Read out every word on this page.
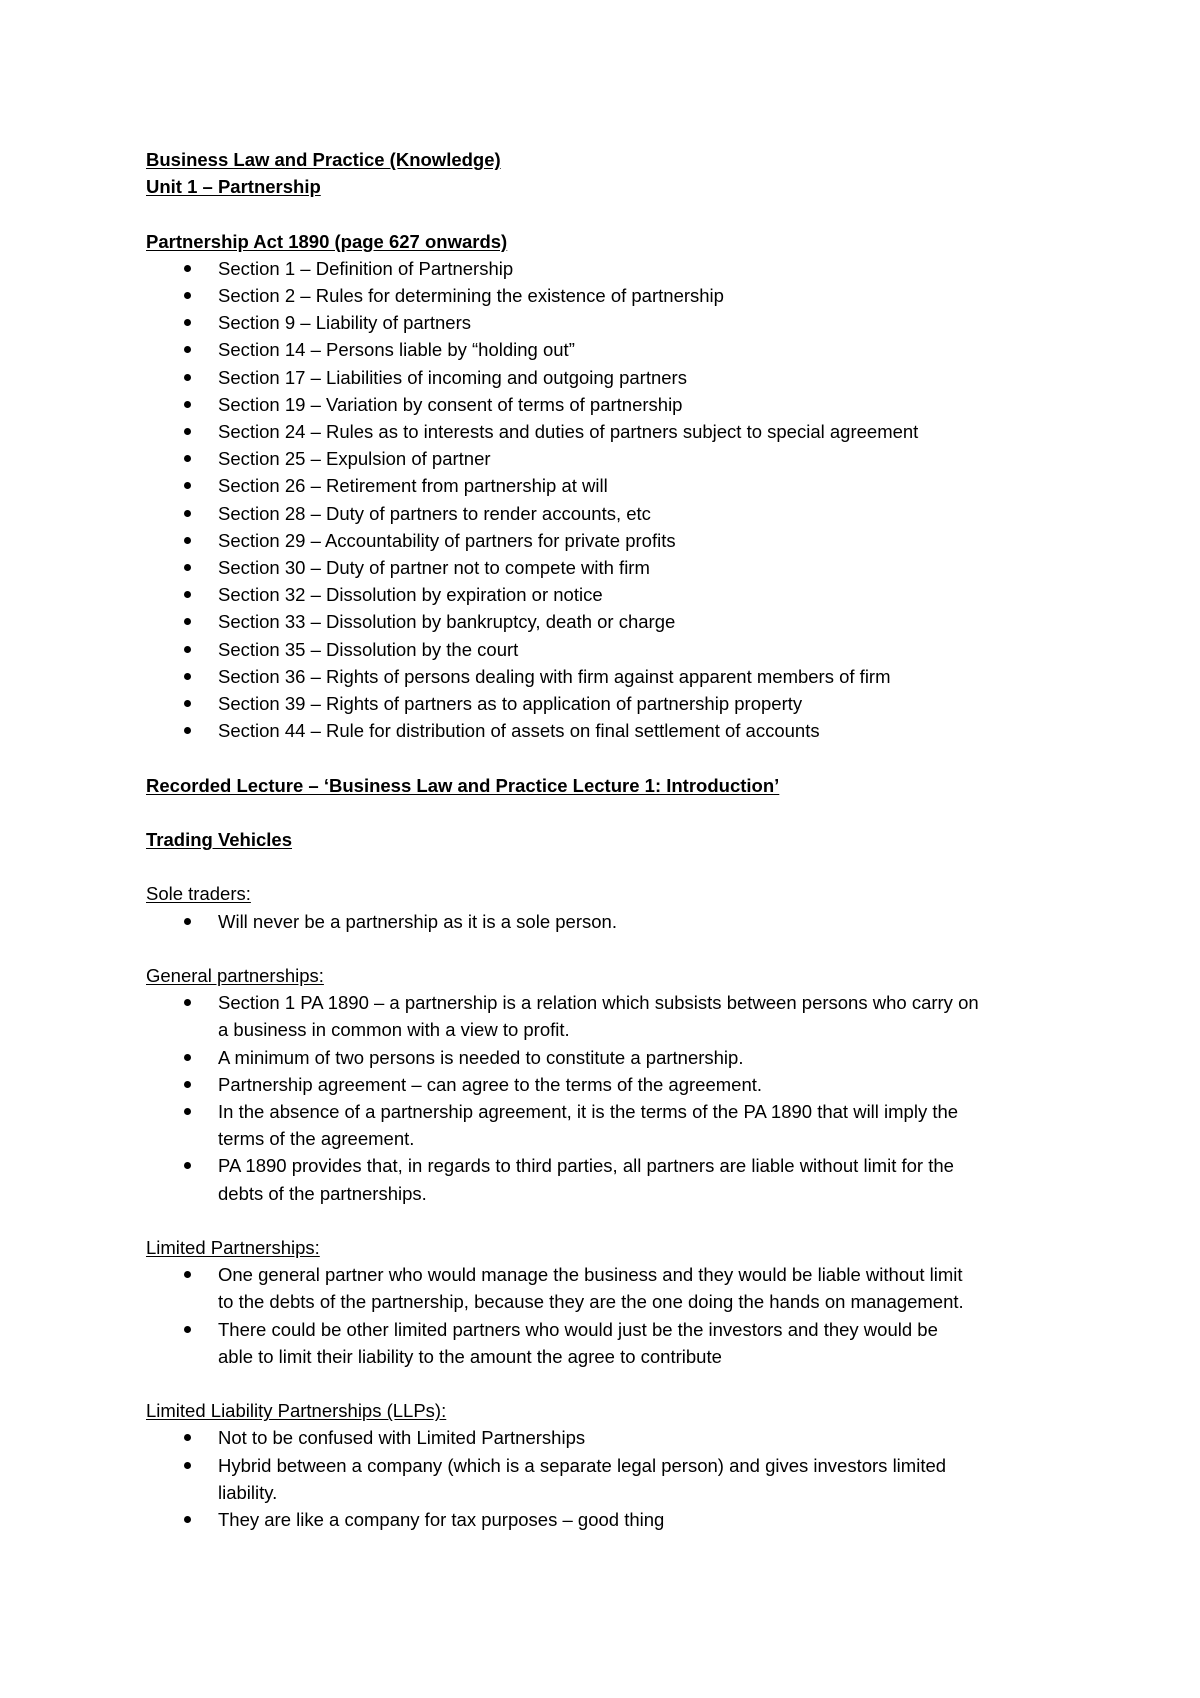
Business Law and Practice (Knowledge)
Unit 1 – Partnership
Partnership Act 1890 (page 627 onwards)
Section 1 – Definition of Partnership
Section 2 – Rules for determining the existence of partnership
Section 9 – Liability of partners
Section 14 – Persons liable by “holding out”
Section 17 – Liabilities of incoming and outgoing partners
Section 19 – Variation by consent of terms of partnership
Section 24 – Rules as to interests and duties of partners subject to special agreement
Section 25 – Expulsion of partner
Section 26 – Retirement from partnership at will
Section 28 – Duty of partners to render accounts, etc
Section 29 – Accountability of partners for private profits
Section 30 – Duty of partner not to compete with firm
Section 32 – Dissolution by expiration or notice
Section 33 – Dissolution by bankruptcy, death or charge
Section 35 – Dissolution by the court
Section 36 – Rights of persons dealing with firm against apparent members of firm
Section 39 – Rights of partners as to application of partnership property
Section 44 – Rule for distribution of assets on final settlement of accounts
Recorded Lecture – ‘Business Law and Practice Lecture 1: Introduction’
Trading Vehicles
Sole traders:
Will never be a partnership as it is a sole person.
General partnerships:
Section 1 PA 1890 – a partnership is a relation which subsists between persons who carry on
a business in common with a view to profit.
A minimum of two persons is needed to constitute a partnership.
Partnership agreement – can agree to the terms of the agreement.
In the absence of a partnership agreement, it is the terms of the PA 1890 that will imply the
terms of the agreement.
PA 1890 provides that, in regards to third parties, all partners are liable without limit for the
debts of the partnerships.
Limited Partnerships:
One general partner who would manage the business and they would be liable without limit
to the debts of the partnership, because they are the one doing the hands on management.
There could be other limited partners who would just be the investors and they would be
able to limit their liability to the amount the agree to contribute
Limited Liability Partnerships (LLPs):
Not to be confused with Limited Partnerships
Hybrid between a company (which is a separate legal person) and gives investors limited
liability.
They are like a company for tax purposes – good thing
